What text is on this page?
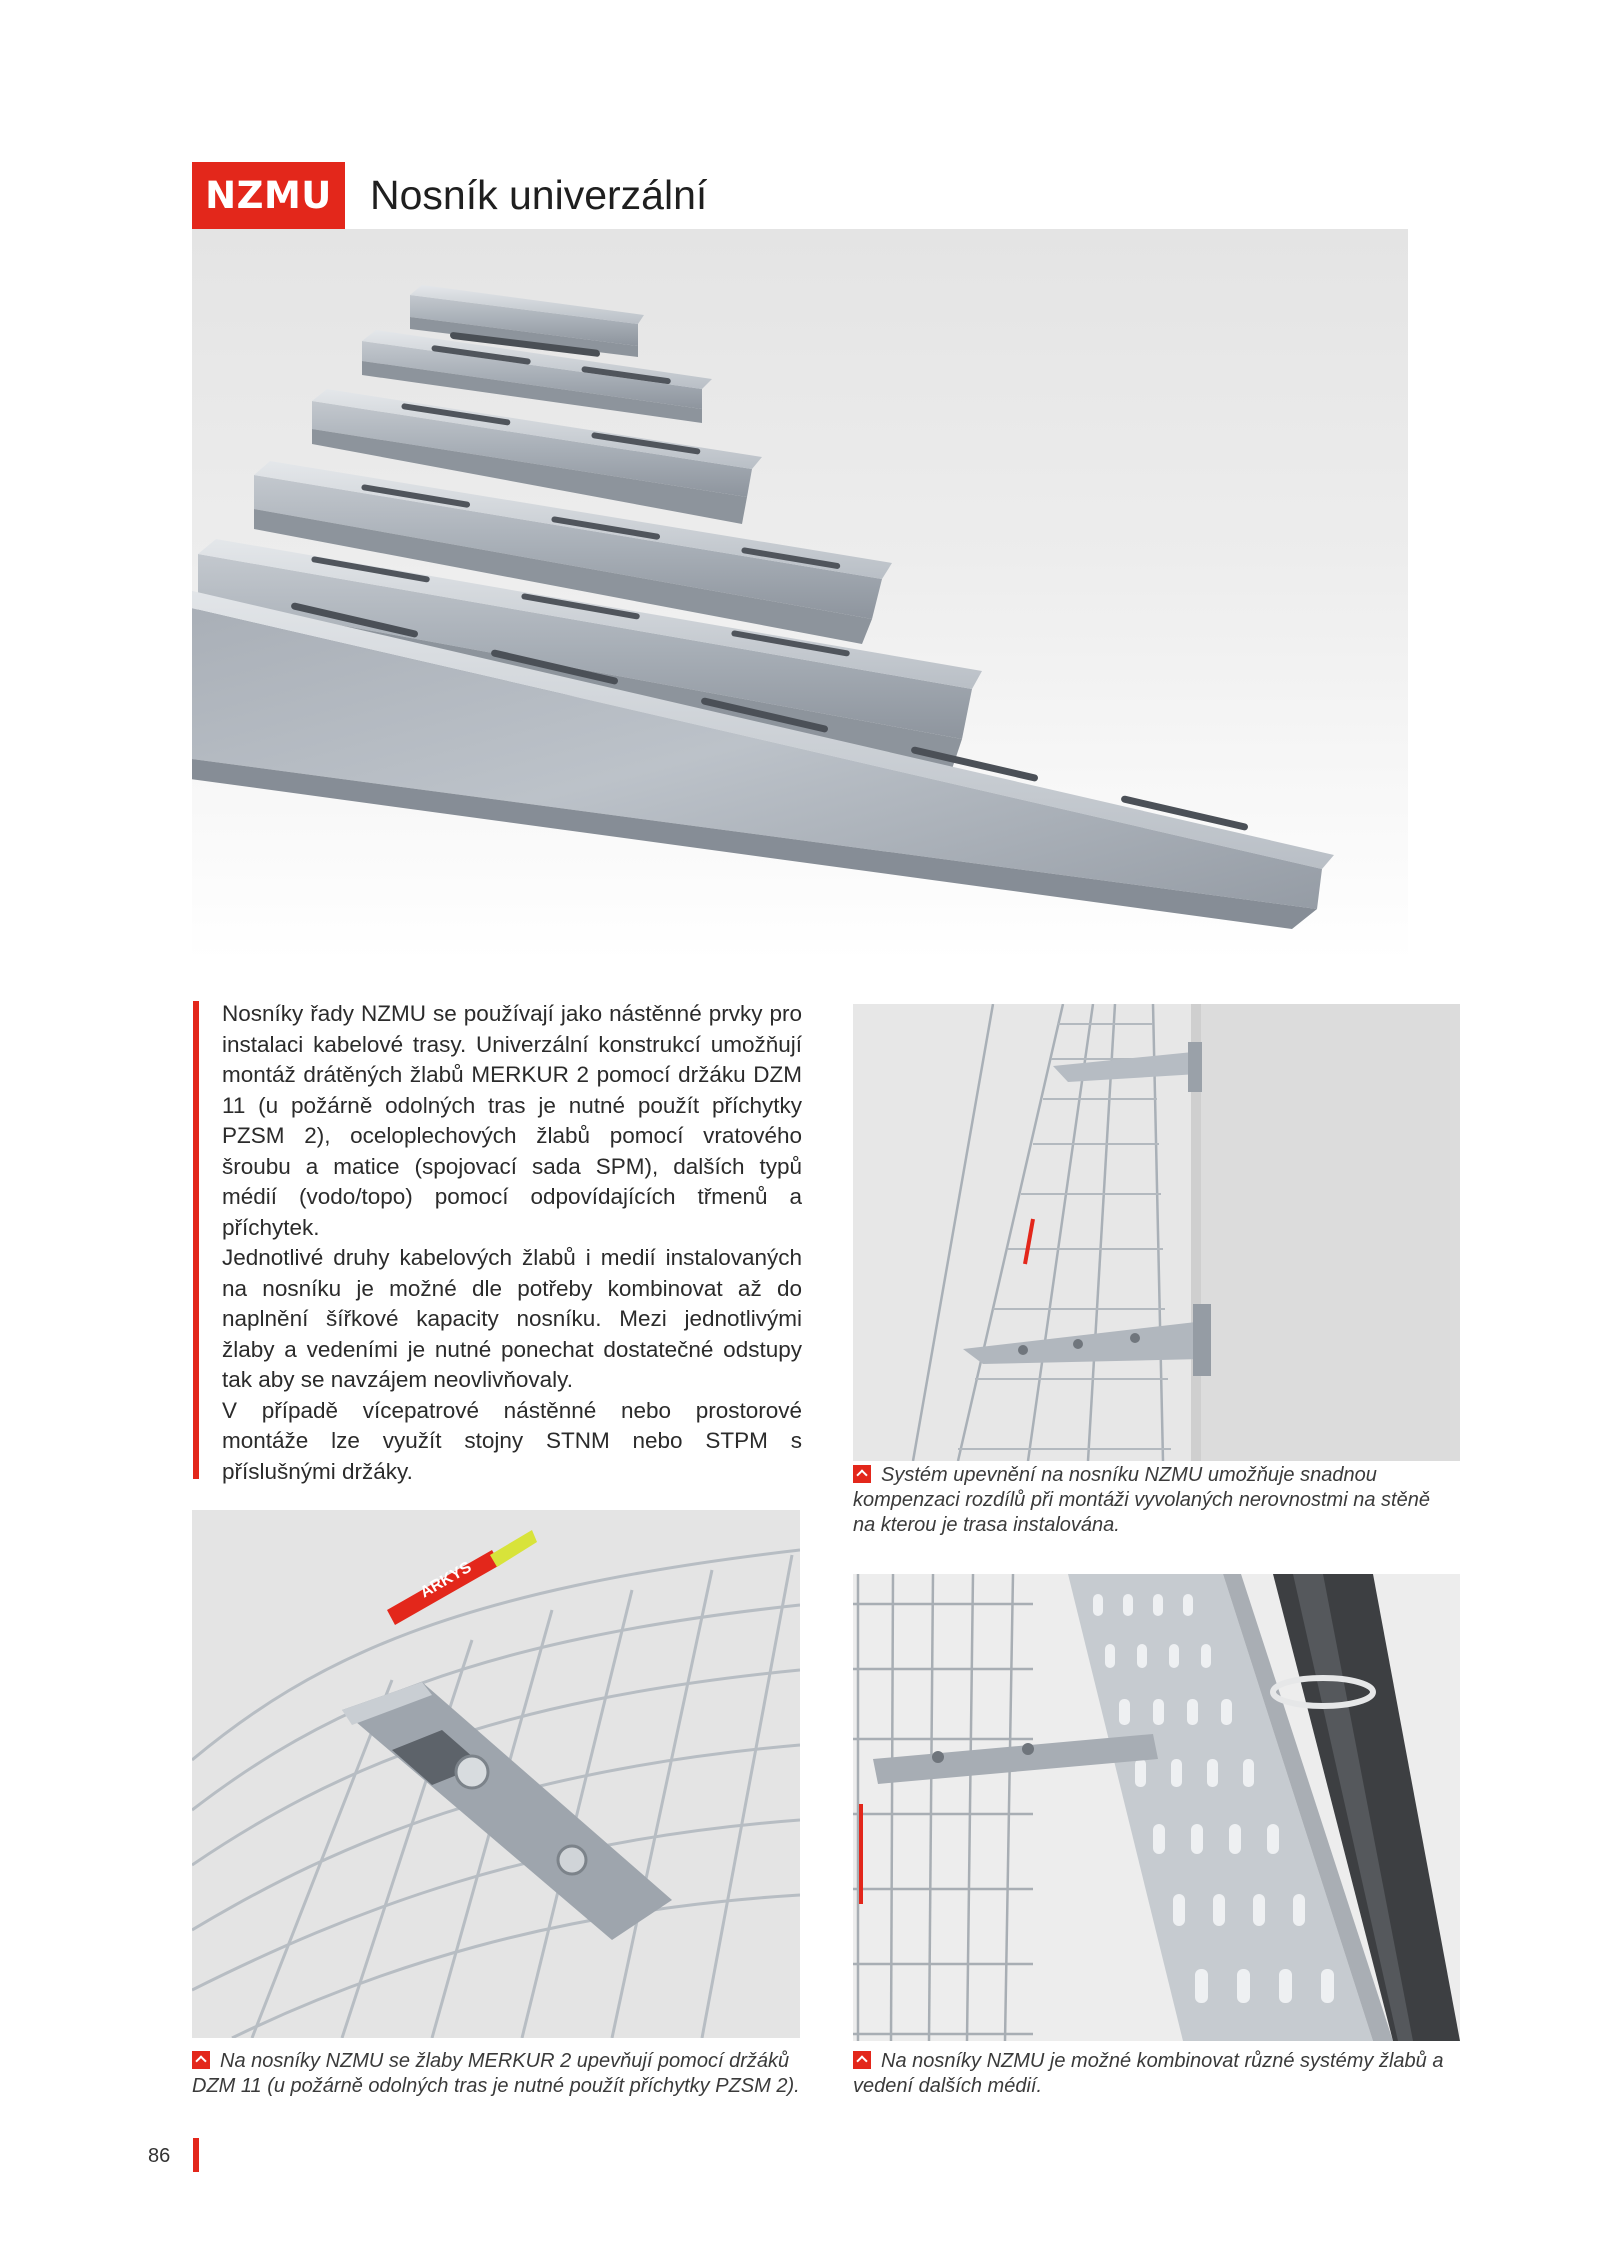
NZMU Nosník univerzální

Nosníky řady NZMU se používají jako nástěnné prvky pro instalaci kabelové trasy. Univerzální konstrukcí umožňují montáž drátěných žlabů MERKUR 2 pomocí držáku DZM 11 (u požárně odolných tras je nutné použít příchytky PZSM 2), oceloplechových žlabů pomocí vratového šroubu a matice (spojovací sada SPM), dalších typů médií (vodo/topo) pomocí odpovídajících třmenů a příchytek.

Jednotlivé druhy kabelových žlabů i medií instalovaných na nosníku je možné dle potřeby kombinovat až do naplnění šířkové kapacity nosníku. Mezi jednotlivými žlaby a vedeními je nutné ponechat dostatečné odstupy tak aby se navzájem neovlivňovaly.

V případě vícepatrové nástěnné nebo prostorové montáže lze využít stojny STNM nebo STPM s příslušnými držáky.

ARKYS
Systém upevnění na nosníku NZMU umožňuje snadnou kompenzaci rozdílů při montáži vyvolaných nerovnostmi na stěně na kterou je trasa instalována.
Na nosníky NZMU se žlaby MERKUR 2 upevňují pomocí držáků DZM 11 (u požárně odolných tras je nutné použít příchytky PZSM 2).
Na nosníky NZMU je možné kombinovat různé systémy žlabů a vedení dalších médií.
86
